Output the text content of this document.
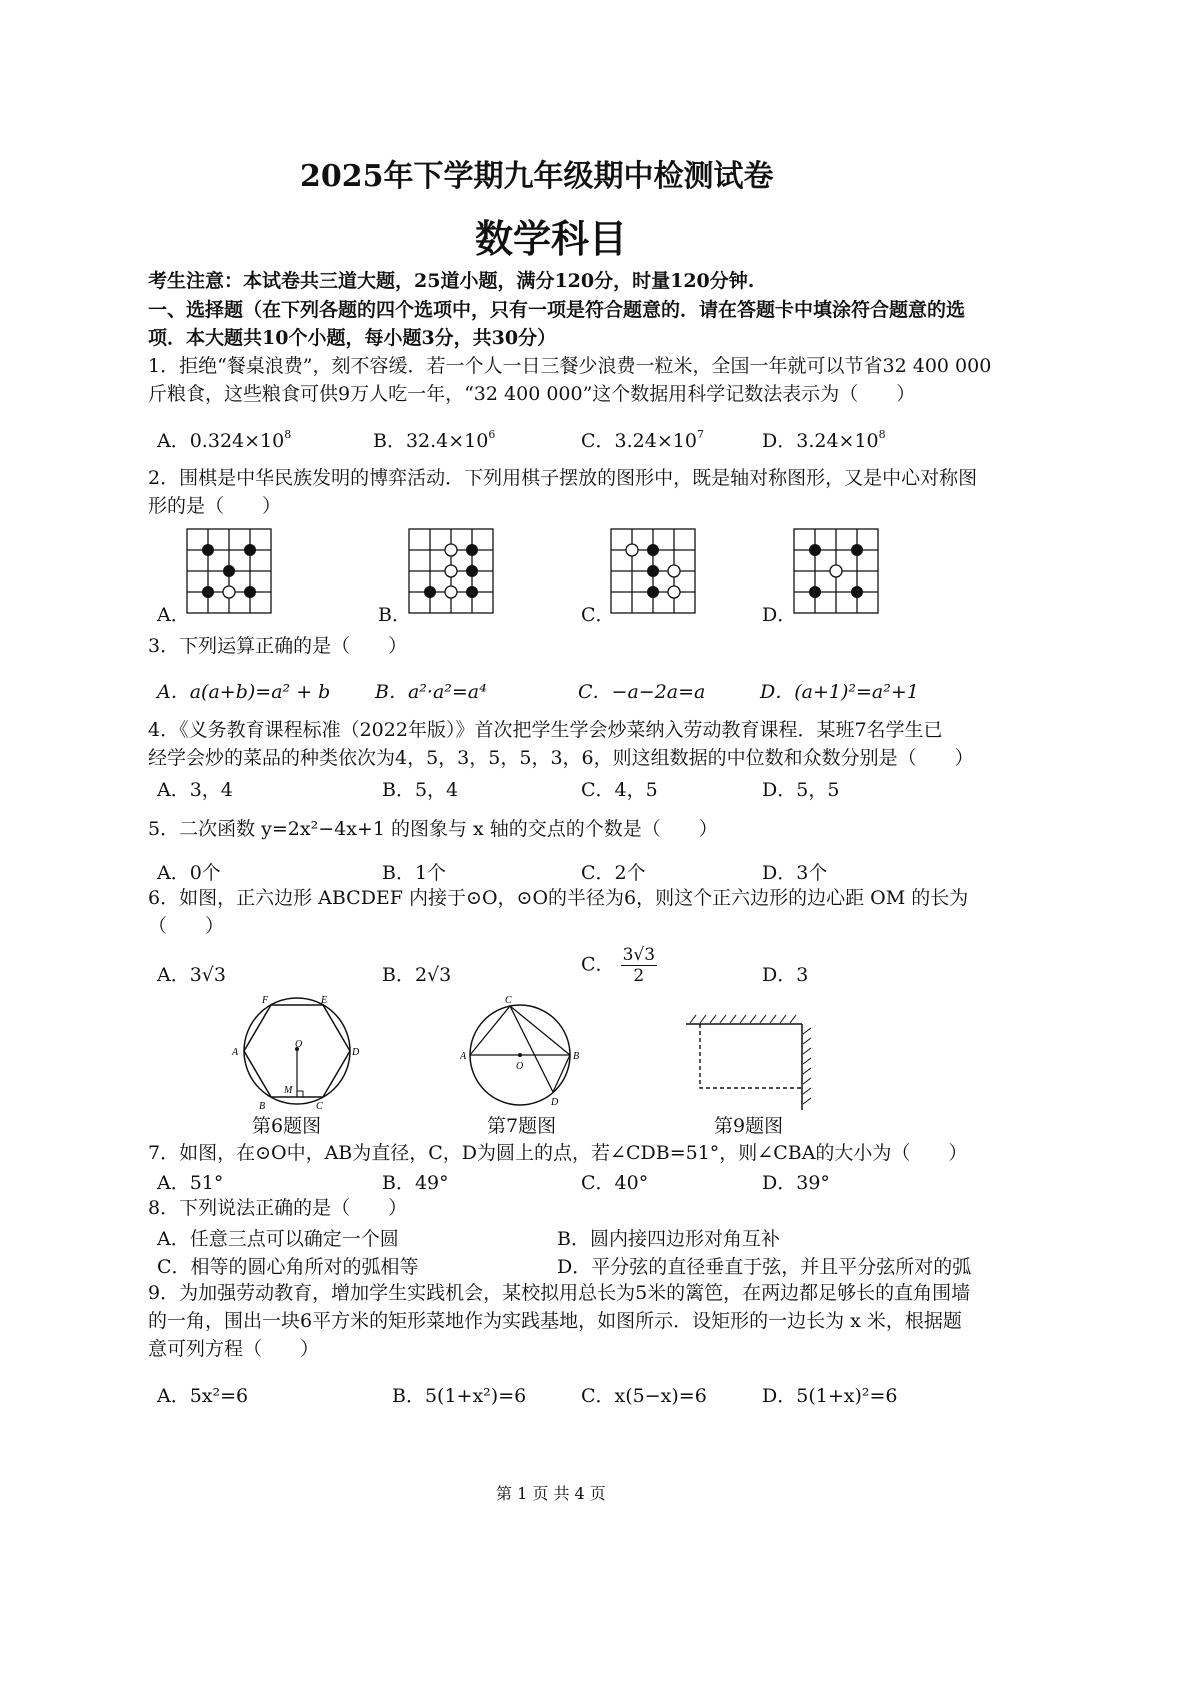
2025年下学期九年级期中检测试卷
数学科目
考生注意：本试卷共三道大题，25道小题，满分120分，时量120分钟.
一、选择题（在下列各题的四个选项中，只有一项是符合题意的．请在答题卡中填涂符合题意的选
项．本大题共10个小题，每小题3分，共30分）
1．拒绝“餐桌浪费”，刻不容缓．若一个人一日三餐少浪费一粒米，全国一年就可以节省32 400 000
斤粮食，这些粮食可供9万人吃一年，“32 400 000”这个数据用科学记数法表示为（　　）
A．$0.324\times 10^8$	B．$32.4\times 10^6$	C．$3.24\times 10^7$	D．$3.24\times 10^8$
2．围棋是中华民族发明的博弈活动．下列用棋子摆放的图形中，既是轴对称图形，又是中心对称图
形的是（　　）
A．	B．	C．	D．
3．下列运算正确的是（　　）
A．a(a+b)=a² + b B．a²·a²=a⁴	C．−a−2a=a	D．(a+1)²=a²+1
4．《义务教育课程标准（2022年版）》首次把学生学会炒菜纳入劳动教育课程．某班7名学生已
经学会炒的菜品的种类依次为4，5，3，5，5，3，6，则这组数据的中位数和众数分别是（　　）
A．3，4	B．5，4	C．4，5	D．5，5
5．二次函数 y=2x²−4x+1 的图象与 x 轴的交点的个数是（　　）
A．0个	B．1个	C．2个	D．3个
6．如图，正六边形 ABCDEF 内接于⊙O，⊙O的半径为6，则这个正六边形的边心距 OM 的长为
（　　）
A．3√3	B．2√3	C． $\frac{3√3}{2}$	D．3
F	E
A	D
B	C
O
M
C
A	B
O
D
第6题图	第7题图	第9题图
7．如图，在⊙O中，AB为直径，C，D为圆上的点，若∠CDB=51°，则∠CBA的大小为（　　）
A．51°	B．49°	C．40°	D．39°
8．下列说法正确的是（　　）
A．任意三点可以确定一个圆	B．圆内接四边形对角互补
C．相等的圆心角所对的弧相等	D．平分弦的直径垂直于弦，并且平分弦所对的弧
9．为加强劳动教育，增加学生实践机会，某校拟用总长为5米的篱笆，在两边都足够长的直角围墙
的一角，围出一块6平方米的矩形菜地作为实践基地，如图所示．设矩形的一边长为 x 米，根据题
意可列方程（　　）
A．5x²=6	B．5(1+x²)=6	C．x(5−x)=6	D．5(1+x)²=6
第 1 页 共 4 页
